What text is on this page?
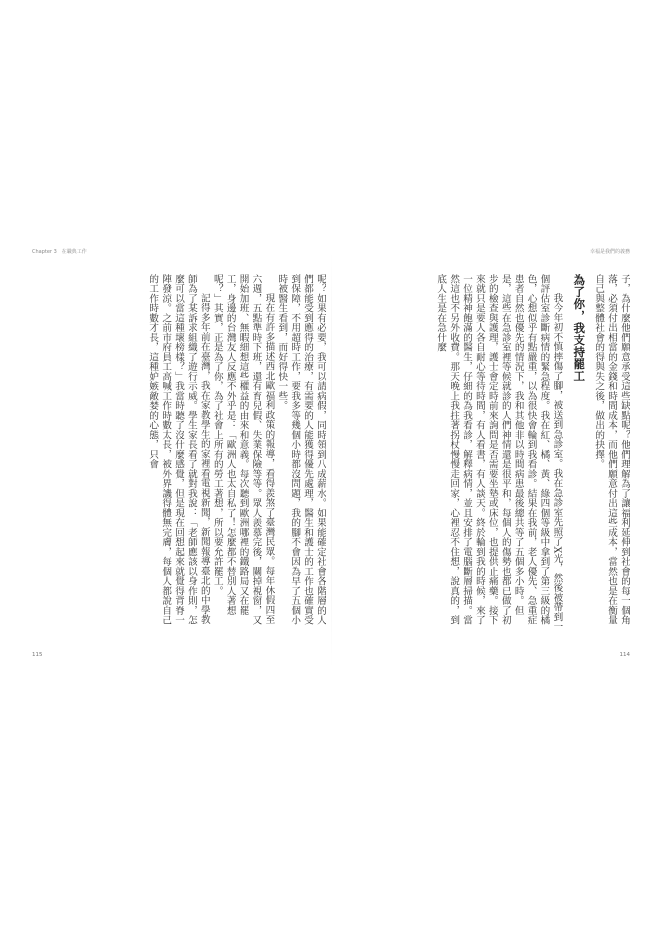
Chapter 3　在職典工作

呢？如果有必要，我可以請病假，同時領到八成薪水。如果能確定社會各階層的人們都能受到應得的治療，有需要的人能獲得優先處理，醫生和護士的工作也確實受到保障，不用超時工作，要我多等幾個小時都沒問題，我的腳不會因為早了五個小時被醫生看到，而好得快一些。

現在有許多描述西北歐福利政策的報導，看得羨煞了臺灣民眾。每年休假四至六週，五點準時下班，還有育兒假、失業保險等等。眾人羨慕完後，關掉視窗，又開始加班、無暇細想這些權益的由來和意義。每次聽到歐洲哪裡的鐵路局又在罷工，身邊的台灣友人反應不外乎是：「歐洲人也太自私了！怎麼都不替別人著想呢？」其實，正是為了你，為了社會上所有的勞工著想，所以要允許罷工。

記得多年前在臺灣，我在家教學生的家裡看電視新聞，新聞報導臺北的中學教師為了某訴求組織了遊行示威。學生家長看了就對我說：「老師應該以身作則，怎麼可以當這種壞榜樣？」我當時聽了沒什麼感覺，但是現在回想起來就覺得背脊一陣發涼。之前市府員工高喊工作時數太長，被外界譏得體無完膚，每個人都說自己的工作時數才長，這種妒嫉敵婪的心態，只會

115
幸福是我們的義務

子，為什麼他們願意承受這些缺點呢？他們理解為了讓福利延伸到社會的每一個角落，必須付出相當的金錢和時間成本，而他們願意付出這些成本，當然也是在衡量自己與整體社會的得與失之後，做出的抉擇。

為了你，我支持罷工

我今年初不慎摔傷了腳，被送到急診室。我在急診室先照了X光，然後被帶到一個評估室診斷病情的緊急程度。我在紅、橘、黃、綠四個等級中拿到了第三級的橘色，心想似乎有點嚴重，以為很快會輪到我看診。結果在我前，老人優先、急重症患者自然也優先的情況下，我和其他非以時間病患最後總共等了五個多小時。但是，這些在急診室裡等候就診的人們神情還是很平和，每個人的傷勢也都已做了初步的檢查與護理，護士會定時前來詢問是否需要坐墊或床位，也提供止痛藥。接下來就只是要人各自耐心等待時間，有人看書，有人談天。終於輪到我的時候，來了一位精神飽滿的醫生，仔細的為我看診，解釋病情，並且安排了電腦斷層掃描。當然這也不另外收費。那天晚上我拄著拐杖慢慢走回家，心裡忍不住想，說真的，到底人生是在急什麼

114
